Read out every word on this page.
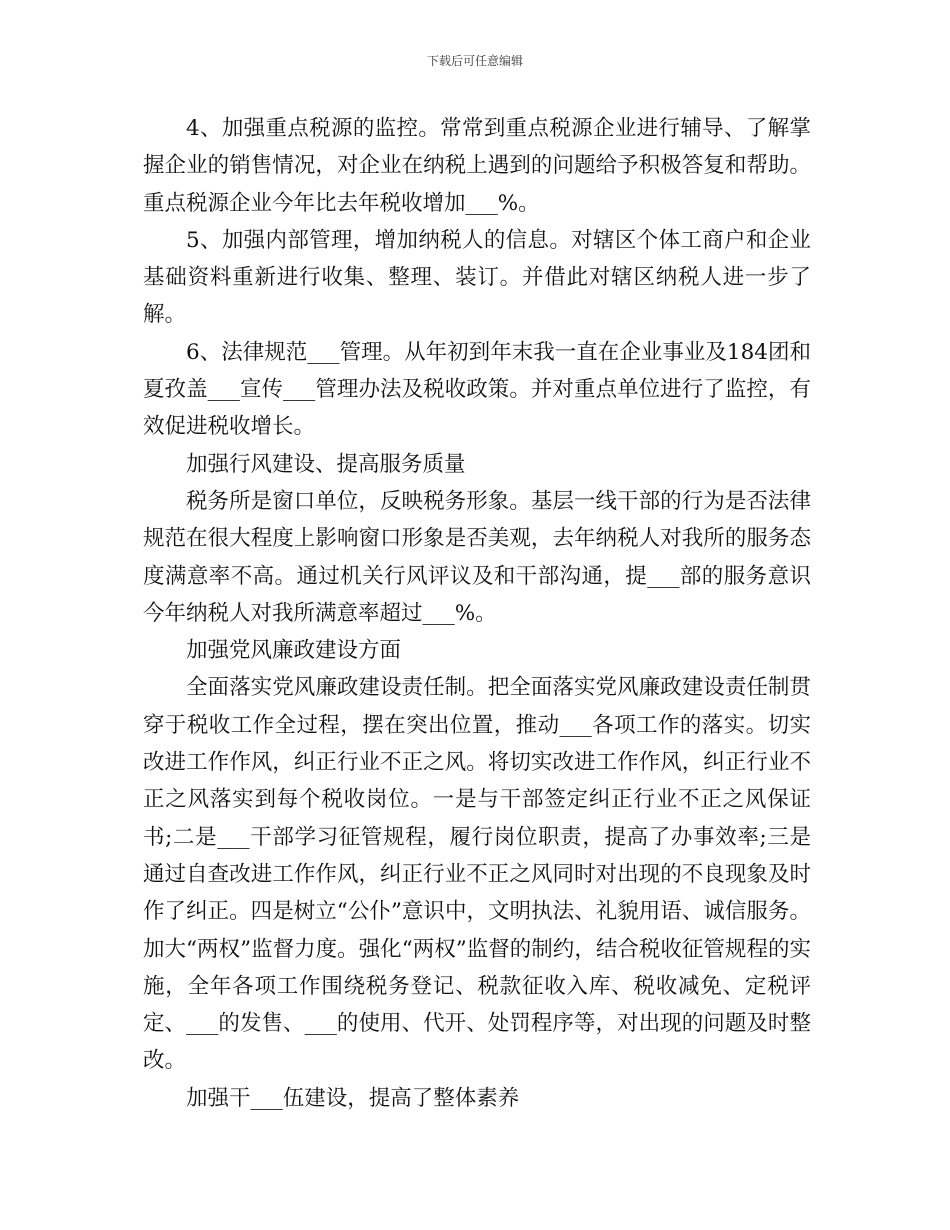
下载后可任意编辑

4、加强重点税源的监控。常常到重点税源企业进行辅导、了解掌握企业的销售情况，对企业在纳税上遇到的问题给予积极答复和帮助。重点税源企业今年比去年税收增加___%。

5、加强内部管理，增加纳税人的信息。对辖区个体工商户和企业基础资料重新进行收集、整理、装订。并借此对辖区纳税人进一步了解。

6、法律规范___管理。从年初到年末我一直在企业事业及184团和夏孜盖___宣传___管理办法及税收政策。并对重点单位进行了监控，有效促进税收增长。

加强行风建设、提高服务质量

税务所是窗口单位，反映税务形象。基层一线干部的行为是否法律规范在很大程度上影响窗口形象是否美观，去年纳税人对我所的服务态度满意率不高。通过机关行风评议及和干部沟通，提___部的服务意识今年纳税人对我所满意率超过___%。

加强党风廉政建设方面

全面落实党风廉政建设责任制。把全面落实党风廉政建设责任制贯穿于税收工作全过程，摆在突出位置，推动___各项工作的落实。切实改进工作作风，纠正行业不正之风。将切实改进工作作风，纠正行业不正之风落实到每个税收岗位。一是与干部签定纠正行业不正之风保证书;二是___干部学习征管规程，履行岗位职责，提高了办事效率;三是通过自查改进工作作风，纠正行业不正之风同时对出现的不良现象及时作了纠正。四是树立“公仆”意识中，文明执法、礼貌用语、诚信服务。加大“两权”监督力度。强化“两权”监督的制约，结合税收征管规程的实施，全年各项工作围绕税务登记、税款征收入库、税收减免、定税评定、___的发售、___的使用、代开、处罚程序等，对出现的问题及时整改。

加强干___伍建设，提高了整体素养
